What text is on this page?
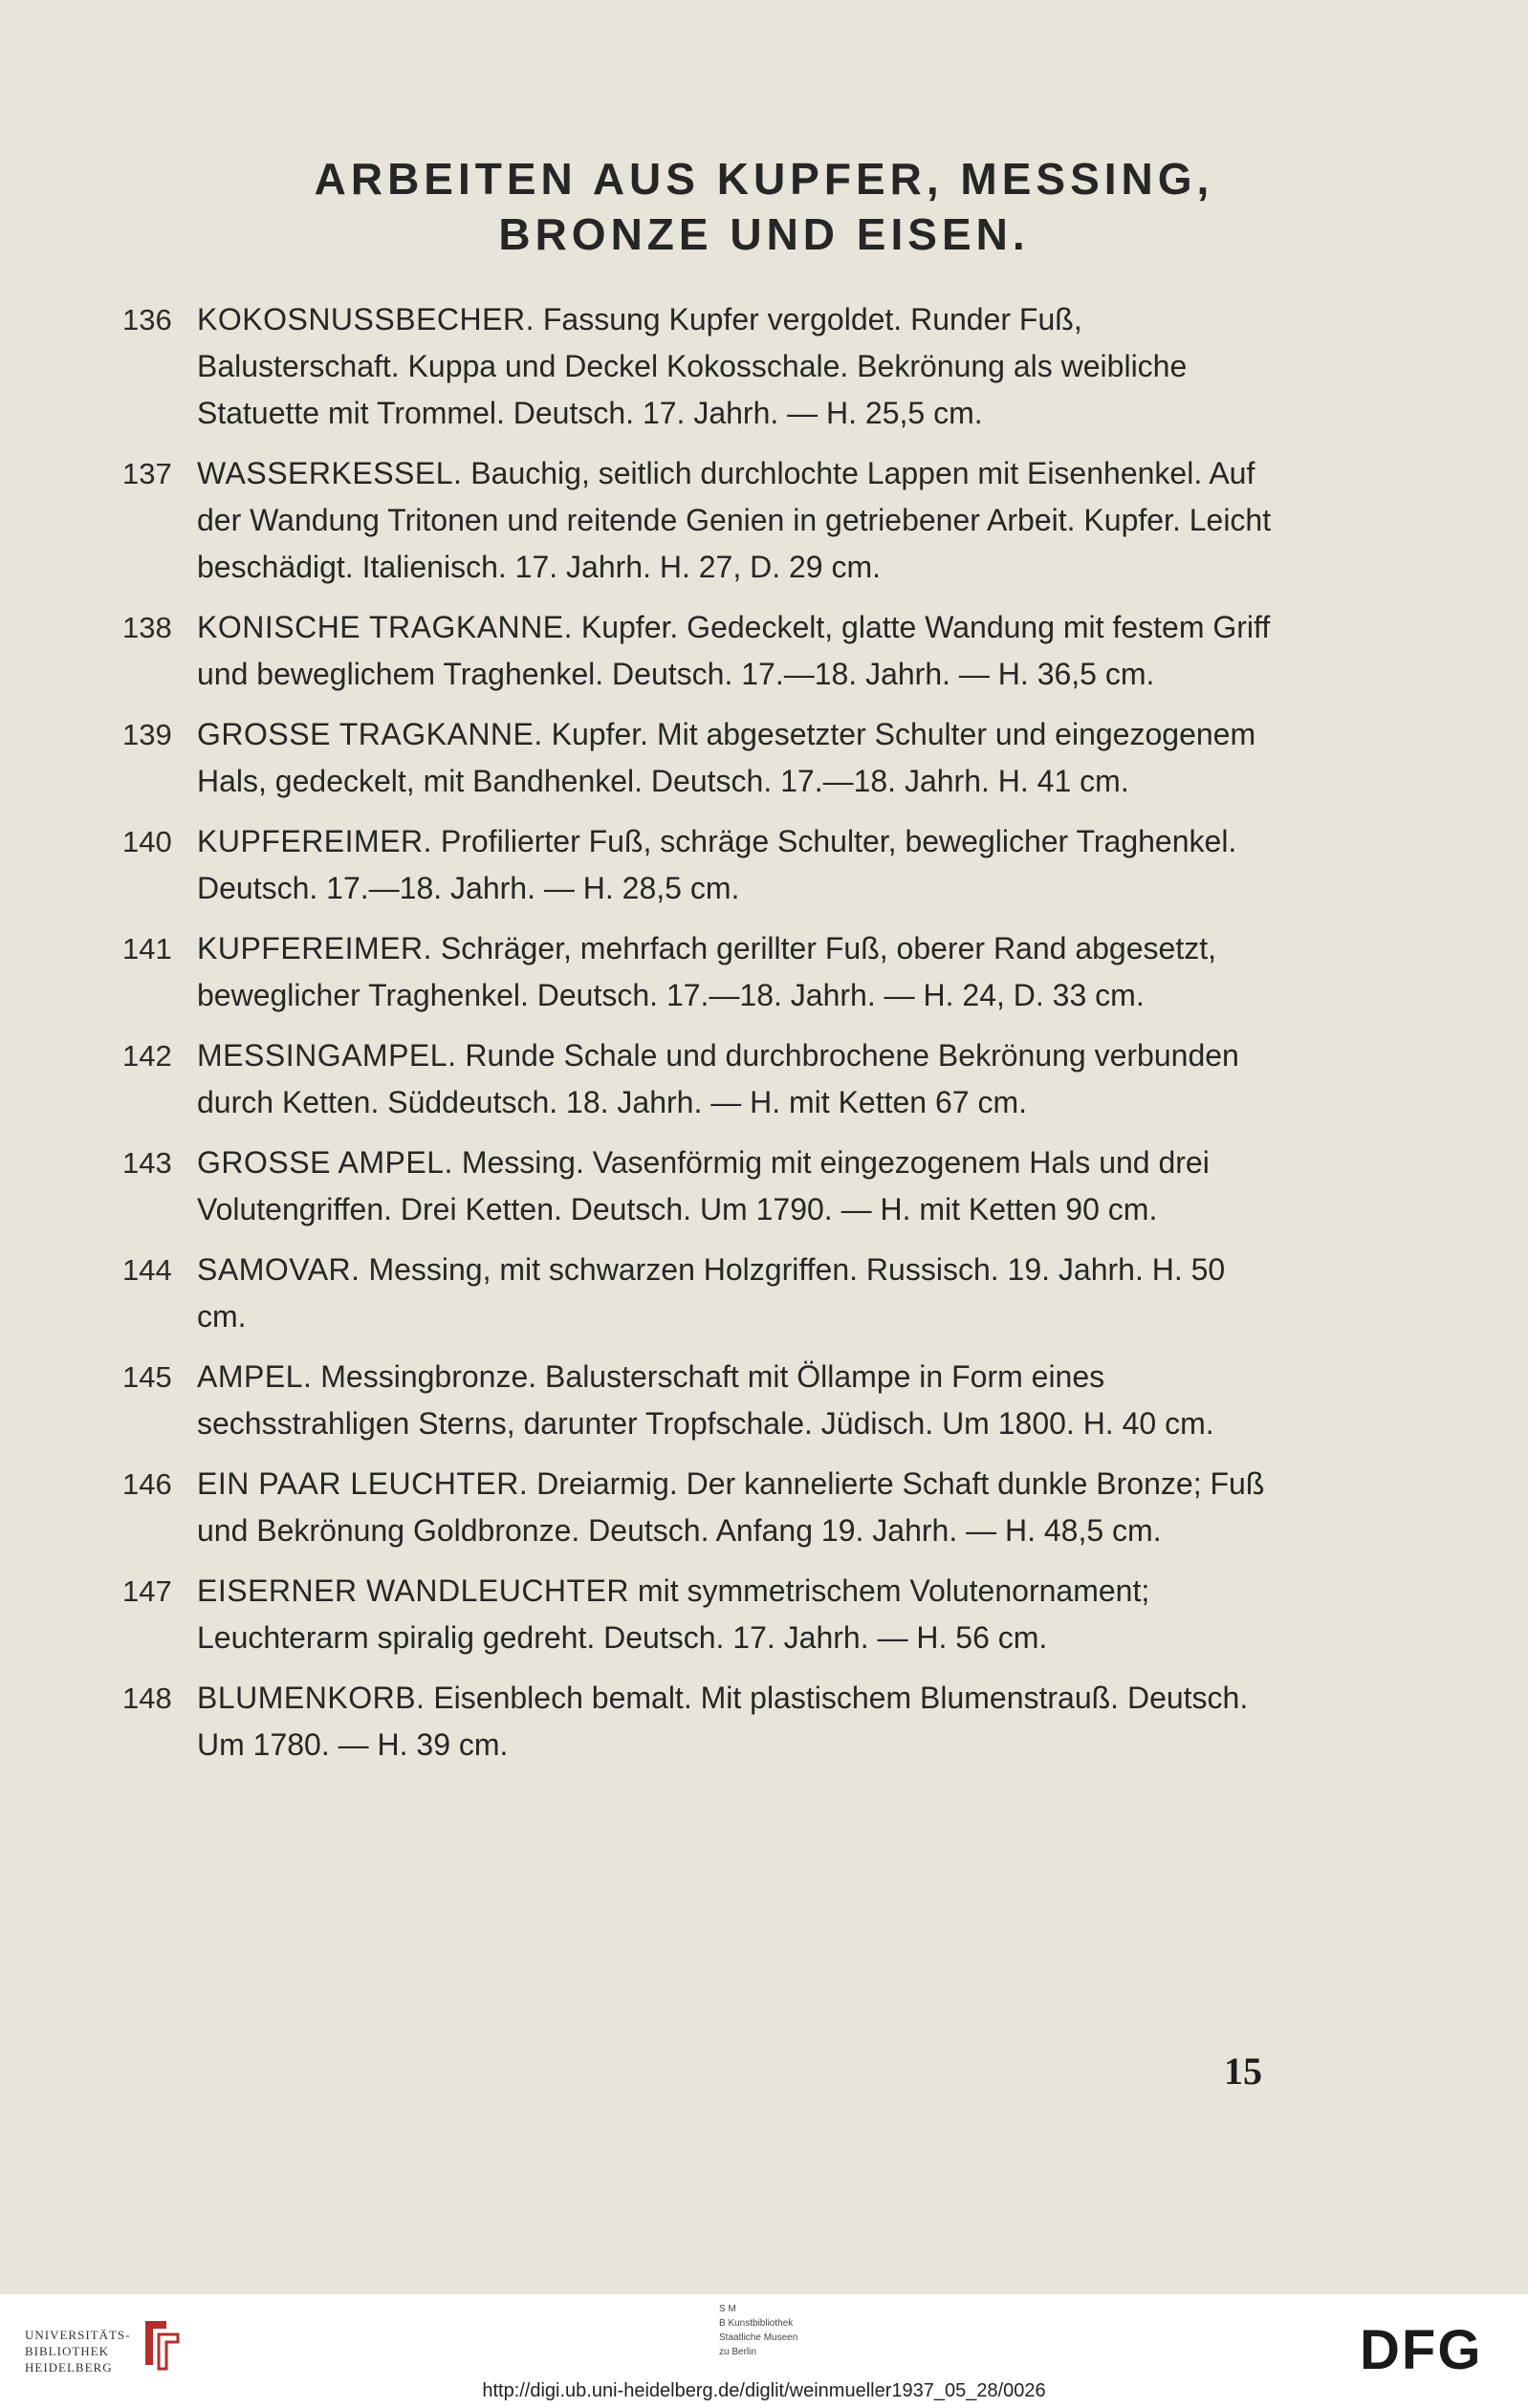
ARBEITEN AUS KUPFER, MESSING,
BRONZE UND EISEN.
136 KOKOSNUSSBECHER. Fassung Kupfer vergoldet. Runder Fuß, Balusterschaft. Kuppa und Deckel Kokosschale. Bekrönung als weibliche Statuette mit Trommel. Deutsch. 17. Jahrh. — H. 25,5 cm.
137 WASSERKESSEL. Bauchig, seitlich durchlochte Lappen mit Eisenhenkel. Auf der Wandung Tritonen und reitende Genien in getriebener Arbeit. Kupfer. Leicht beschädigt. Italienisch. 17. Jahrh. H. 27, D. 29 cm.
138 KONISCHE TRAGKANNE. Kupfer. Gedeckelt, glatte Wandung mit festem Griff und beweglichem Traghenkel. Deutsch. 17.—18. Jahrh. — H. 36,5 cm.
139 GROSSE TRAGKANNE. Kupfer. Mit abgesetzter Schulter und eingezogenem Hals, gedeckelt, mit Bandhenkel. Deutsch. 17.—18. Jahrh. H. 41 cm.
140 KUPFEREIMER. Profilierter Fuß, schräge Schulter, beweglicher Traghenkel. Deutsch. 17.—18. Jahrh. — H. 28,5 cm.
141 KUPFEREIMER. Schräger, mehrfach gerillter Fuß, oberer Rand abgesetzt, beweglicher Traghenkel. Deutsch. 17.—18. Jahrh. — H. 24, D. 33 cm.
142 MESSINGAMPEL. Runde Schale und durchbrochene Bekrönung verbunden durch Ketten. Süddeutsch. 18. Jahrh. — H. mit Ketten 67 cm.
143 GROSSE AMPEL. Messing. Vasenförmig mit eingezogenem Hals und drei Volutengriffen. Drei Ketten. Deutsch. Um 1790. — H. mit Ketten 90 cm.
144 SAMOVAR. Messing, mit schwarzen Holzgriffen. Russisch. 19. Jahrh. H. 50 cm.
145 AMPEL. Messingbronze. Balusterschaft mit Öllampe in Form eines sechsstrahligen Sterns, darunter Tropfschale. Jüdisch. Um 1800. H. 40 cm.
146 EIN PAAR LEUCHTER. Dreiarmig. Der kannelierte Schaft dunkle Bronze; Fuß und Bekrönung Goldbronze. Deutsch. Anfang 19. Jahrh. — H. 48,5 cm.
147 EISERNER WANDLEUCHTER mit symmetrischem Volutenornament; Leuchterarm spiralig gedreht. Deutsch. 17. Jahrh. — H. 56 cm.
148 BLUMENKORB. Eisenblech bemalt. Mit plastischem Blumenstrauß. Deutsch. Um 1780. — H. 39 cm.
15
UNIVERSITÄTS-
BIBLIOTHEK
HEIDELBERG
S M
B Kunstbibliothek
Staatliche Museen
zu Berlin	DFG
http://digi.ub.uni-heidelberg.de/diglit/weinmueller1937_05_28/0026
